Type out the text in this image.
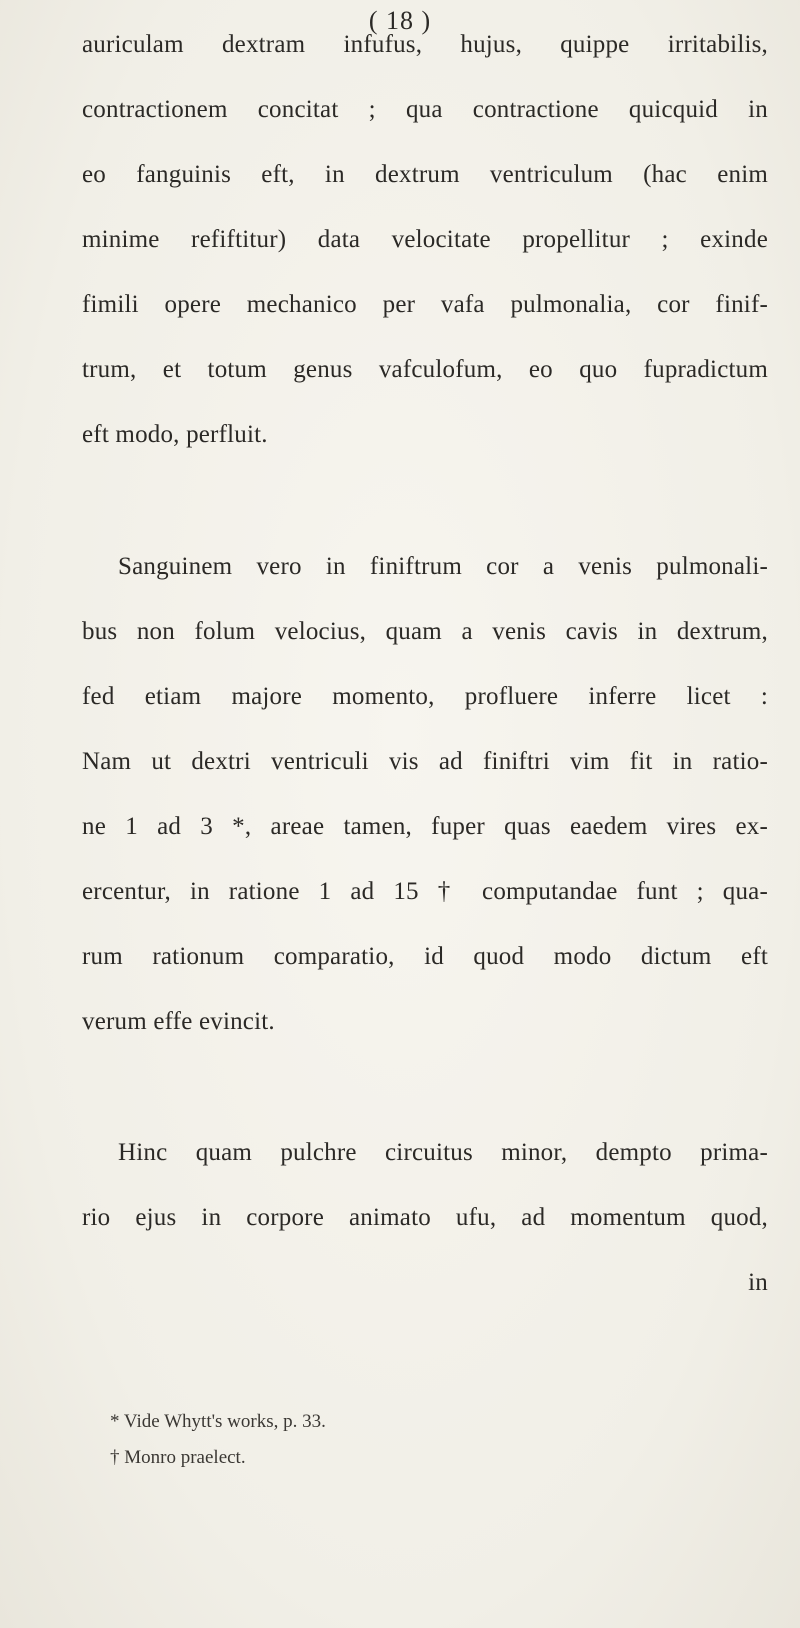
( 18 )
auriculam dextram infufus, hujus, quippe irritabilis,
contractionem concitat ; qua contractione quicquid in
eo fanguinis eft, in dextrum ventriculum (hac enim
minime refiftitur) data velocitate propellitur ; exinde
fimili opere mechanico per vafa pulmonalia, cor finif-
trum, et totum genus vafculofum, eo quo fupradictum
eft modo, perfluit.
Sanguinem vero in finiftrum cor a venis pulmonali-
bus non folum velocius, quam a venis cavis in dextrum,
fed etiam majore momento, profluere inferre licet :
Nam ut dextri ventriculi vis ad finiftri vim fit in ratio-
ne 1 ad 3 *, areae tamen, fuper quas eaedem vires ex-
ercentur, in ratione 1 ad 15 † computandae funt ; qua-
rum rationum comparatio, id quod modo dictum eft
verum effe evincit.
Hinc quam pulchre circuitus minor, dempto prima-
rio ejus in corpore animato ufu, ad momentum quod,
in
* Vide Whytt's works, p. 33.
† Monro praelect.
